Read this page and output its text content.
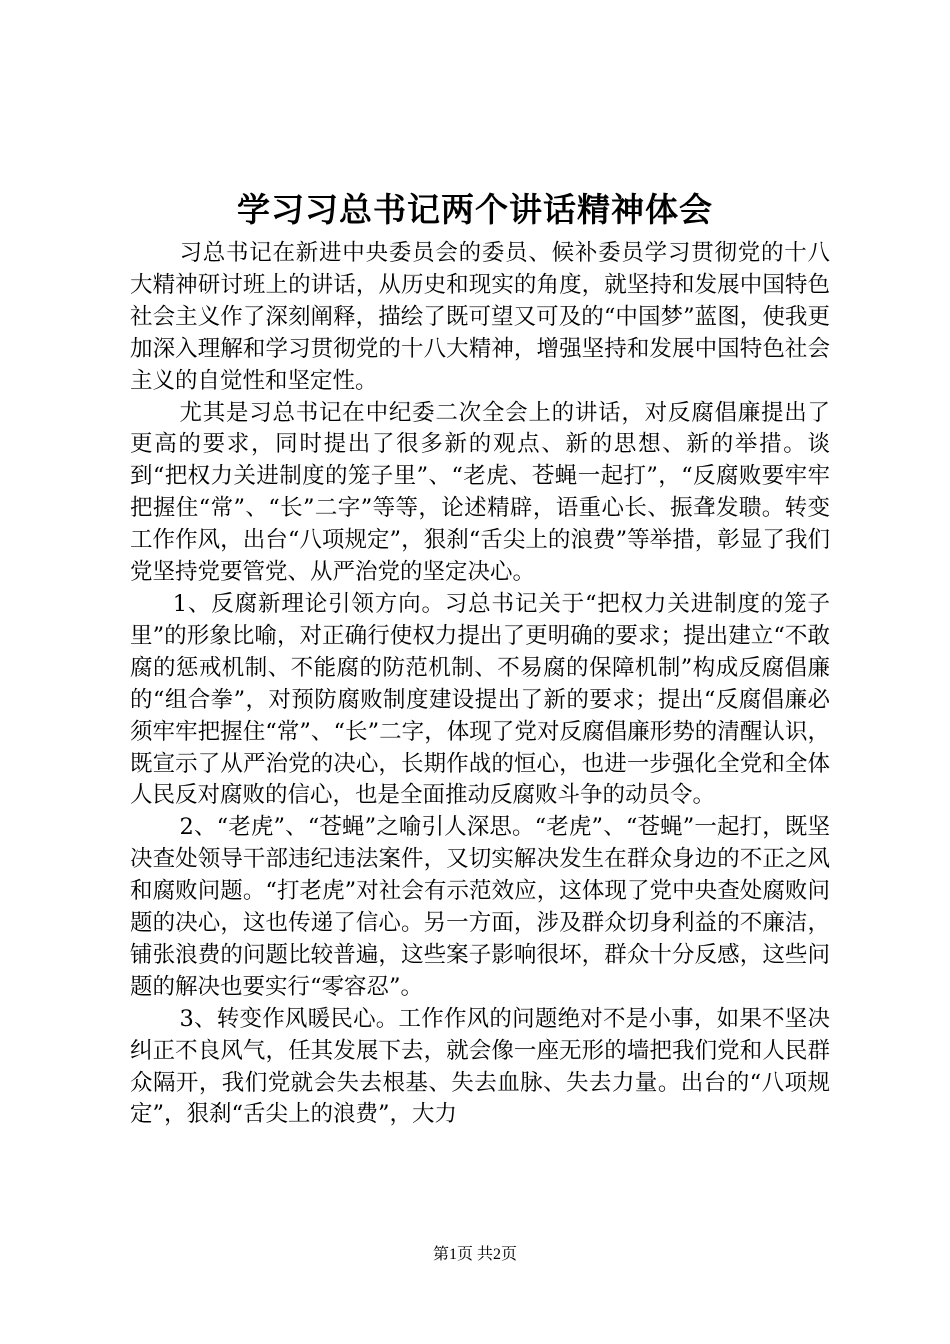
学习习总书记两个讲话精神体会

习总书记在新进中央委员会的委员、候补委员学习贯彻党的十八大精神研讨班上的讲话，从历史和现实的角度，就坚持和发展中国特色社会主义作了深刻阐释，描绘了既可望又可及的“中国梦”蓝图，使我更加深入理解和学习贯彻党的十八大精神，增强坚持和发展中国特色社会主义的自觉性和坚定性。

尤其是习总书记在中纪委二次全会上的讲话，对反腐倡廉提出了更高的要求，同时提出了很多新的观点、新的思想、新的举措。谈到“把权力关进制度的笼子里”、“老虎、苍蝇一起打”，“反腐败要牢牢把握住“常”、“长”二字”等等，论述精辟，语重心长、振聋发聩。转变工作作风，出台“八项规定”，狠刹“舌尖上的浪费”等举措，彰显了我们党坚持党要管党、从严治党的坚定决心。

1、反腐新理论引领方向。习总书记关于“把权力关进制度的笼子里”的形象比喻，对正确行使权力提出了更明确的要求；提出建立“不敢腐的惩戒机制、不能腐的防范机制、不易腐的保障机制”构成反腐倡廉的“组合拳”，对预防腐败制度建设提出了新的要求；提出“反腐倡廉必须牢牢把握住“常”、“长”二字，体现了党对反腐倡廉形势的清醒认识，既宣示了从严治党的决心，长期作战的恒心，也进一步强化全党和全体人民反对腐败的信心，也是全面推动反腐败斗争的动员令。

2、“老虎”、“苍蝇”之喻引人深思。“老虎”、“苍蝇”一起打，既坚决查处领导干部违纪违法案件，又切实解决发生在群众身边的不正之风和腐败问题。“打老虎”对社会有示范效应，这体现了党中央查处腐败问题的决心，这也传递了信心。另一方面，涉及群众切身利益的不廉洁，铺张浪费的问题比较普遍，这些案子影响很坏，群众十分反感，这些问题的解决也要实行“零容忍”。

3、转变作风暖民心。工作作风的问题绝对不是小事，如果不坚决纠正不良风气，任其发展下去，就会像一座无形的墙把我们党和人民群众隔开，我们党就会失去根基、失去血脉、失去力量。出台的“八项规定”，狠刹“舌尖上的浪费”，大力

第1页 共2页
